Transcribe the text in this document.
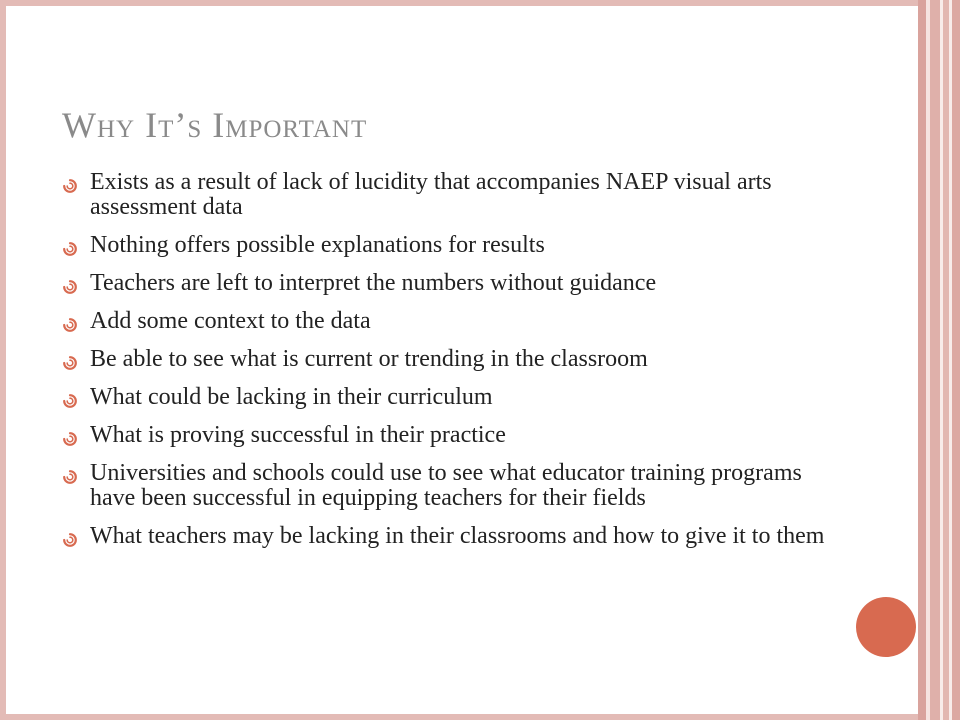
Why It’s Important
Exists as a result of lack of lucidity that accompanies NAEP visual arts assessment data
Nothing offers possible explanations for results
Teachers are left to interpret the numbers without guidance
Add some context to the data
Be able to see what is current or trending in the classroom
What could be lacking in their curriculum
What is proving successful in their practice
Universities and schools could use to see what educator training programs have been successful in equipping teachers for their fields
What teachers may be lacking in their classrooms and how to give it to them
